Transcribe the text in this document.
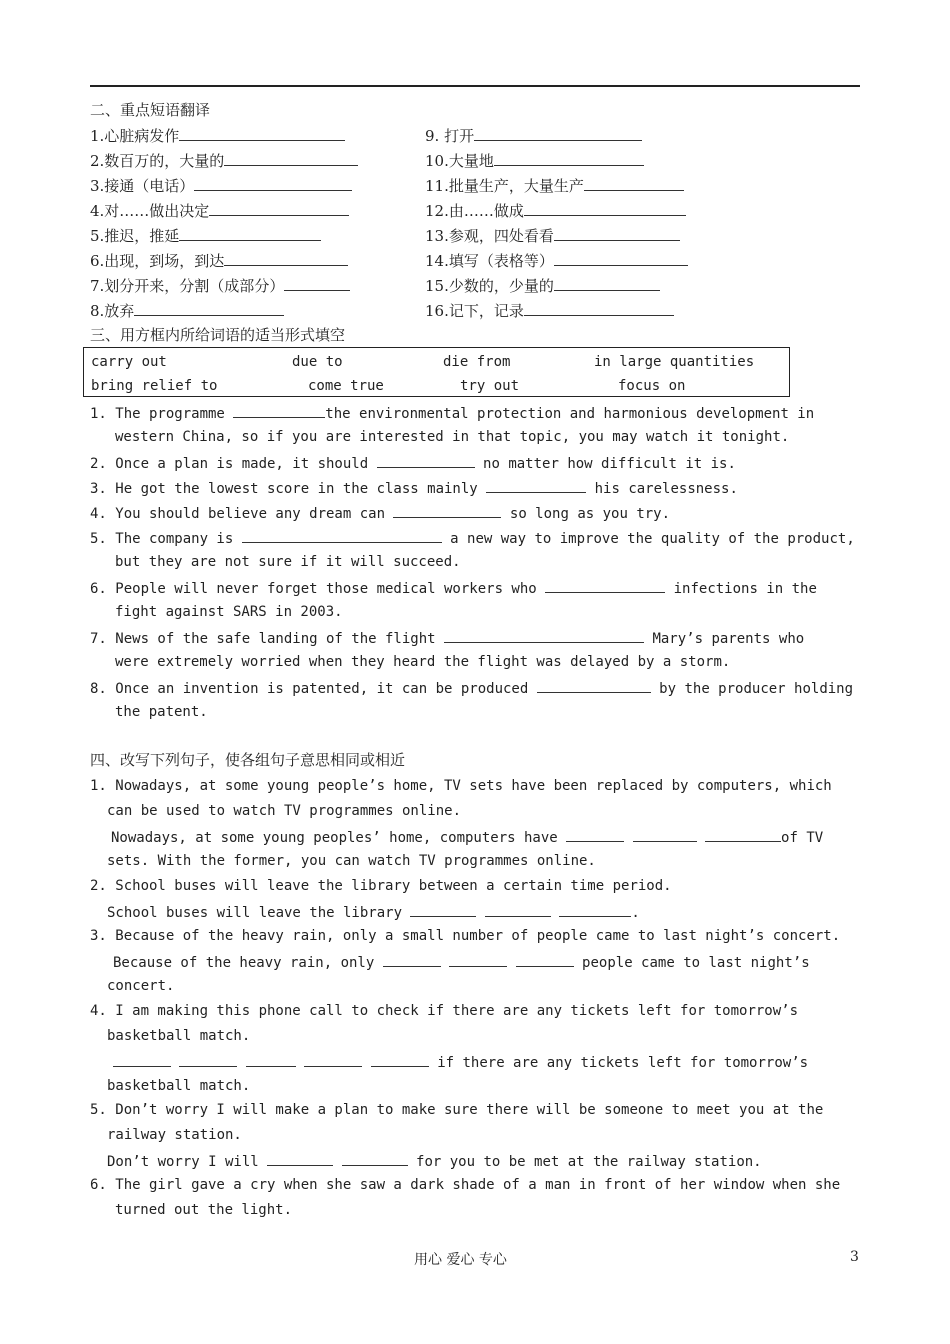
二、重点短语翻译
1.心脏病发作	9. 打开
2.数百万的，大量的	10.大量地
3.接通（电话）	11.批量生产，大量生产
4.对……做出决定	12.由……做成
5.推迟，推延	13.参观，四处看看
6.出现，到场，到达	14.填写（表格等）
7.划分开来，分割（成部分）	15.少数的，少量的
8.放弃	16.记下，记录
三、用方框内所给词语的适当形式填空
carry out	due to	die from	in large quantities
bring relief to	come true	try out	focus on
1. The programme	the environmental protection and harmonious development in
western China, so if you are interested in that topic, you may watch it tonight.
2. Once a plan is made, it should	no matter how difficult it is.
3. He got the lowest score in the class mainly	his carelessness.
4. You should believe any dream can	so long as you try.
5. The company is	a new way to improve the quality of the product,
but they are not sure if it will succeed.
6. People will never forget those medical workers who	infections in the
fight against SARS in 2003.
7. News of the safe landing of the flight	Mary’s parents who
were extremely worried when they heard the flight was delayed by a storm.
8. Once an invention is patented, it can be produced	by the producer holding
the patent.
四、改写下列句子，使各组句子意思相同或相近
1. Nowadays, at some young people’s home, TV sets have been replaced by computers, which
can be used to watch TV programmes online.
Nowadays, at some young peoples’ home, computers have	of TV
sets. With the former, you can watch TV programmes online.
2. School buses will leave the library between a certain time period.
School buses will leave the library	.
3. Because of the heavy rain, only a small number of people came to last night’s concert.
Because of the heavy rain, only	people came to last night’s
concert.
4. I am making this phone call to check if there are any tickets left for tomorrow’s
basketball match.
if there are any tickets left for tomorrow’s
basketball match.
5. Don’t worry I will make a plan to make sure there will be someone to meet you at the
railway station.
Don’t worry I will	for you to be met at the railway station.
6. The girl gave a cry when she saw a dark shade of a man in front of her window when she
turned out the light.
用心 爱心 专心	3
